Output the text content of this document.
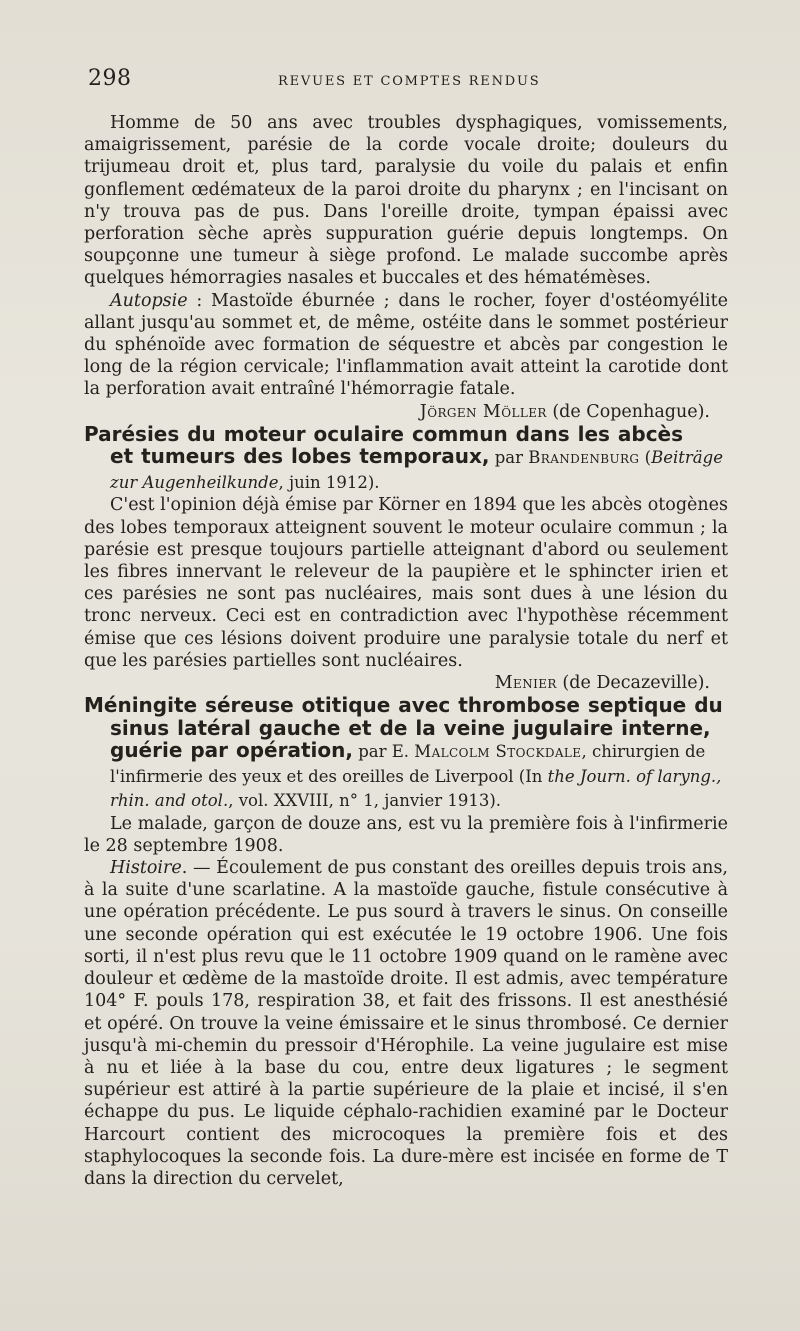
298	REVUES ET COMPTES RENDUS

Homme de 50 ans avec troubles dysphagiques, vomissements, amaigrissement, parésie de la corde vocale droite; douleurs du trijumeau droit et, plus tard, paralysie du voile du palais et enfin gonflement œdémateux de la paroi droite du pharynx ; en l'incisant on n'y trouva pas de pus. Dans l'oreille droite, tympan épaissi avec perforation sèche après suppuration guérie depuis longtemps. On soupçonne une tumeur à siège profond. Le malade succombe après quelques hémorragies nasales et buccales et des hématémèses.

Autopsie : Mastoïde éburnée ; dans le rocher, foyer d'ostéomyélite allant jusqu'au sommet et, de même, ostéite dans le sommet postérieur du sphénoïde avec formation de séquestre et abcès par congestion le long de la région cervicale; l'inflammation avait atteint la carotide dont la perforation avait entraîné l'hémorragie fatale.

Jörgen Möller (de Copenhague).

Parésies du moteur oculaire commun dans les abcès

et tumeurs des lobes temporaux, par Brandenburg (Beiträge zur Augenheilkunde, juin 1912).

C'est l'opinion déjà émise par Körner en 1894 que les abcès otogènes des lobes temporaux atteignent souvent le moteur oculaire commun ; la parésie est presque toujours partielle atteignant d'abord ou seulement les fibres innervant le releveur de la paupière et le sphincter irien et ces parésies ne sont pas nucléaires, mais sont dues à une lésion du tronc nerveux. Ceci est en contradiction avec l'hypothèse récemment émise que ces lésions doivent produire une paralysie totale du nerf et que les parésies partielles sont nucléaires.

Menier (de Decazeville).

Méningite séreuse otitique avec thrombose septique du

sinus latéral gauche et de la veine jugulaire interne,
guérie par opération, par E. Malcolm Stockdale, chirurgien de l'infirmerie des yeux et des oreilles de Liverpool (In the Journ. of laryng., rhin. and otol., vol. XXVIII, n° 1, janvier 1913).

Le malade, garçon de douze ans, est vu la première fois à l'infirmerie le 28 septembre 1908.

Histoire. — Écoulement de pus constant des oreilles depuis trois ans, à la suite d'une scarlatine. A la mastoïde gauche, fistule consécutive à une opération précédente. Le pus sourd à travers le sinus. On conseille une seconde opération qui est exécutée le 19 octobre 1906. Une fois sorti, il n'est plus revu que le 11 octobre 1909 quand on le ramène avec douleur et œdème de la mastoïde droite. Il est admis, avec température 104° F. pouls 178, respiration 38, et fait des frissons. Il est anesthésié et opéré. On trouve la veine émissaire et le sinus thrombosé. Ce dernier jusqu'à mi-chemin du pressoir d'Hérophile. La veine jugulaire est mise à nu et liée à la base du cou, entre deux ligatures ; le segment supérieur est attiré à la partie supérieure de la plaie et incisé, il s'en échappe du pus. Le liquide céphalo-rachidien examiné par le Docteur Harcourt contient des microcoques la première fois et des staphylocoques la seconde fois. La dure-mère est incisée en forme de T dans la direction du cervelet,
